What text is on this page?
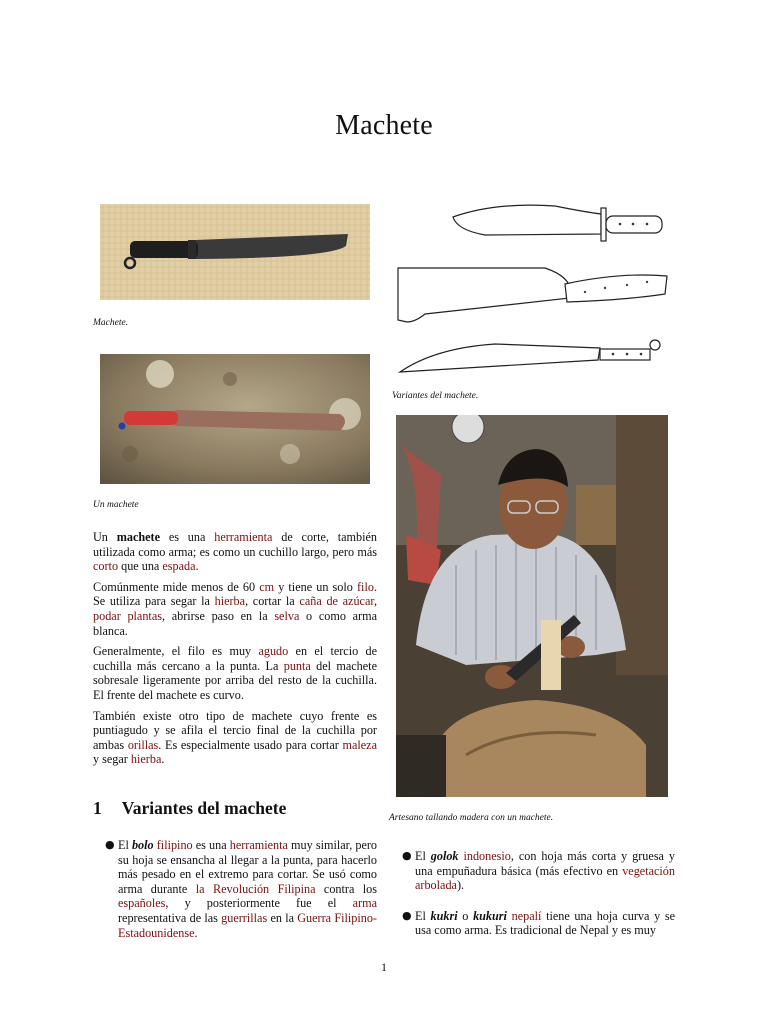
Machete
Machete.
Un machete
Variantes del machete.
Artesano tallando madera con un machete.

Un machete es una herramienta de corte, también utilizada como arma; es como un cuchillo largo, pero más corto que una espada.

Comúnmente mide menos de 60 cm y tiene un solo filo. Se utiliza para segar la hierba, cortar la caña de azúcar, podar plantas, abrirse paso en la selva o como arma blanca.

Generalmente, el filo es muy agudo en el tercio de cuchilla más cercano a la punta. La punta del machete sobresale ligeramente por arriba del resto de la cuchilla. El frente del machete es curvo.

También existe otro tipo de machete cuyo frente es puntiagudo y se afila el tercio final de la cuchilla por ambas orillas. Es especialmente usado para cortar maleza y segar hierba.

1 Variantes del machete
● El bolo filipino es una herramienta muy similar, pero su hoja se ensancha al llegar a la punta, para hacerlo más pesado en el extremo para cortar. Se usó como arma durante la Revolución Filipina contra los españoles, y posteriormente fue el arma representativa de las guerrillas en la Guerra Filipino-Estadounidense.

● El golok indonesio, con hoja más corta y gruesa y una empuñadura básica (más efectivo en vegetación arbolada).

● El kukri o kukuri nepalí tiene una hoja curva y se usa como arma. Es tradicional de Nepal y es muy

1
